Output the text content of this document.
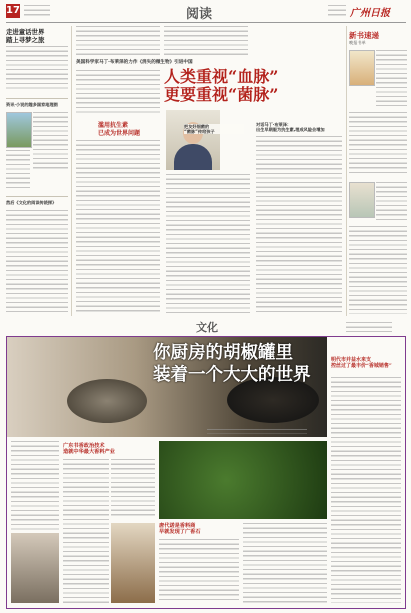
17	阅读	广州日报
走进童话世界
踏上寻梦之旅
资讯·小说的趣多国家地理图
然后《文化的阅读传统探》
美国科学家马丁·布莱泽的力作《消失的微生物》引进中国
人类重视“血脉”
更要重视“菌脉”
把友好细菌的
“菌脉”传给孩子
滥用抗生素
已成为世界问题
对话马丁·布莱泽：
出生早期服为抗生素,埋成风险会增加
新书速递
晚报书单
文化
你厨房的胡椒罐里
装着一个大大的世界
广东书香政治技术
造就中华最大香料产业
唐代诺是香料商
早就发现了广香石
明代市并益水来支
控丝过了最丰价“香城销售”
